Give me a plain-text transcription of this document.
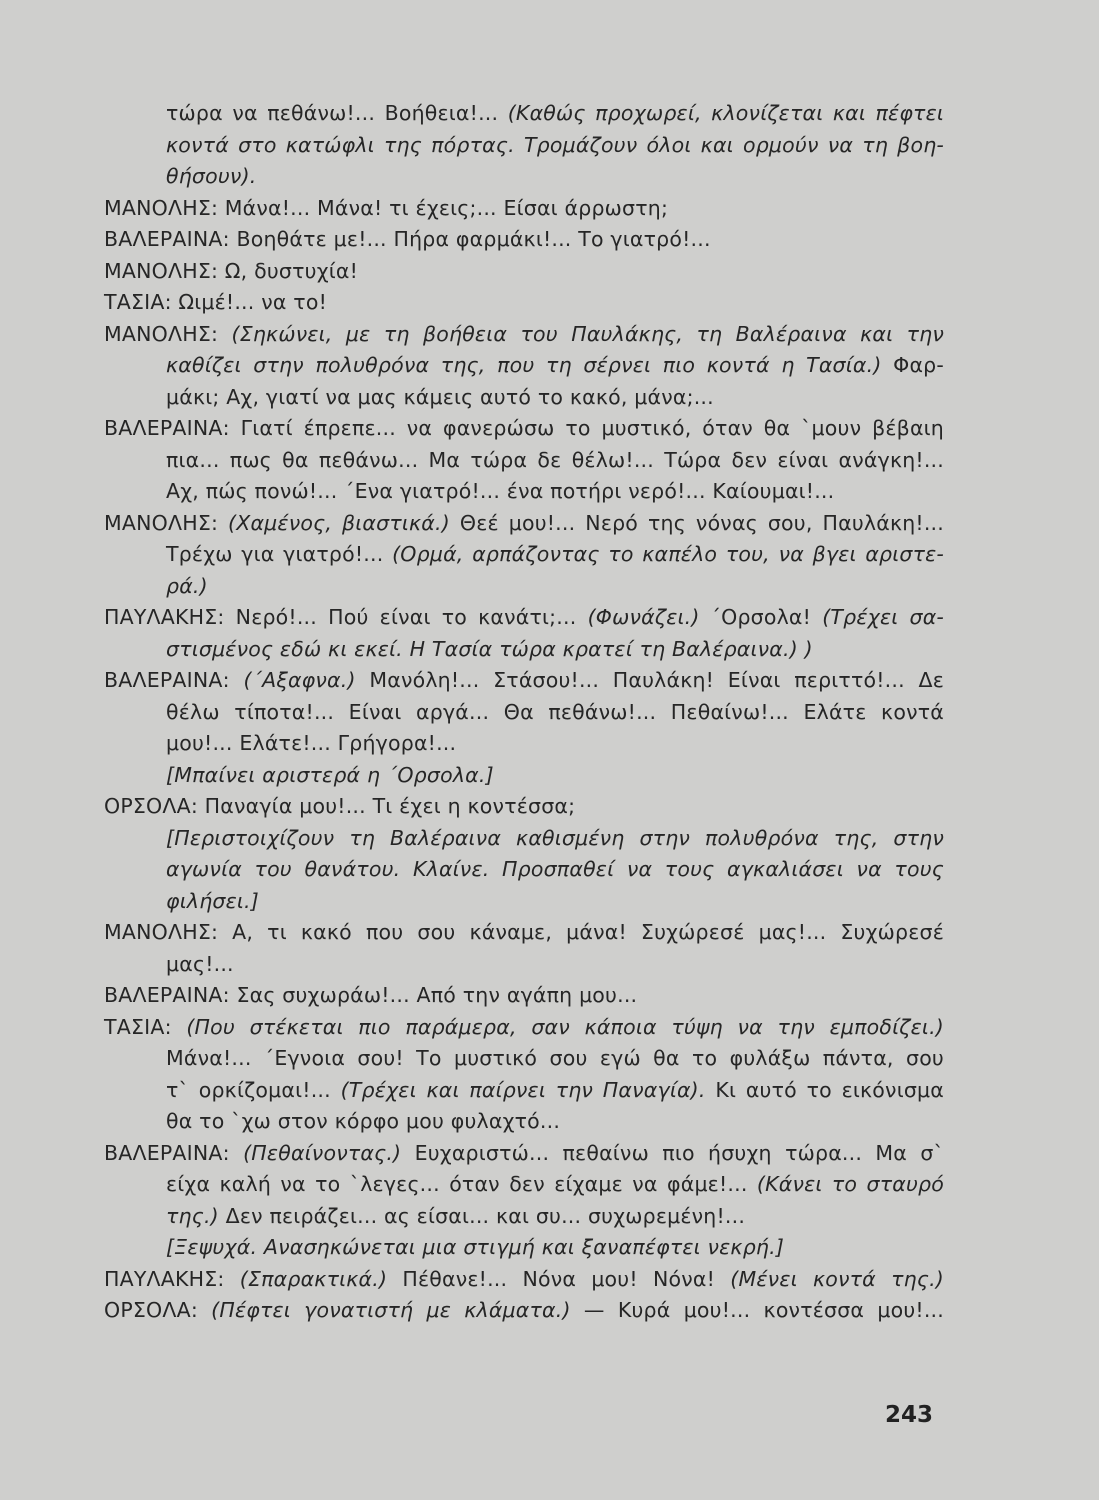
τώρα να πεθάνω!... Βοήθεια!... (Καθώς προχωρεί, κλονίζεται και πέφτει
κοντά στο κατώφλι της πόρτας. Τρομάζουν όλοι και ορμούν να τη βοη-
θήσουν).
ΜΑΝΟΛΗΣ: Μάνα!... Μάνα! τι έχεις;... Είσαι άρρωστη;
ΒΑΛΕΡΑΙΝΑ: Βοηθάτε με!... Πήρα φαρμάκι!... Το γιατρό!...
ΜΑΝΟΛΗΣ: Ω, δυστυχία!
ΤΑΣΙΑ: Ωιμέ!... να το!
ΜΑΝΟΛΗΣ: (Σηκώνει, με τη βοήθεια του Παυλάκης, τη Βαλέραινα και την
καθίζει στην πολυθρόνα της, που τη σέρνει πιο κοντά η Τασία.) Φαρ-
μάκι; Αχ, γιατί να μας κάμεις αυτό το κακό, μάνα;...
ΒΑΛΕΡΑΙΝΑ: Γιατί έπρεπε... να φανερώσω το μυστικό, όταν θα `μουν βέβαιη
πια... πως θα πεθάνω... Μα τώρα δε θέλω!... Τώρα δεν είναι ανάγκη!...
Αχ, πώς πονώ!... ΄Ενα γιατρό!... ένα ποτήρι νερό!... Καίουμαι!...
ΜΑΝΟΛΗΣ: (Χαμένος, βιαστικά.) Θεέ μου!... Νερό της νόνας σου, Παυλάκη!...
Τρέχω για γιατρό!... (Ορμά, αρπάζοντας το καπέλο του, να βγει αριστε-
ρά.)
ΠΑΥΛΑΚΗΣ: Νερό!... Πού είναι το κανάτι;... (Φωνάζει.) ΄Ορσολα! (Τρέχει σα-
στισμένος εδώ κι εκεί. Η Τασία τώρα κρατεί τη Βαλέραινα.) )
ΒΑΛΕΡΑΙΝΑ: (΄Αξαφνα.) Μανόλη!... Στάσου!... Παυλάκη! Είναι περιττό!... Δε
θέλω τίποτα!... Είναι αργά... Θα πεθάνω!... Πεθαίνω!... Ελάτε κοντά
μου!... Ελάτε!... Γρήγορα!...
[Μπαίνει αριστερά η ΄Ορσολα.]
ΟΡΣΟΛΑ: Παναγία μου!... Τι έχει η κοντέσσα;
[Περιστοιχίζουν τη Βαλέραινα καθισμένη στην πολυθρόνα της, στην
αγωνία του θανάτου. Κλαίνε. Προσπαθεί να τους αγκαλιάσει να τους
φιλήσει.]
ΜΑΝΟΛΗΣ: Α, τι κακό που σου κάναμε, μάνα! Συχώρεσέ μας!... Συχώρεσέ
μας!...
ΒΑΛΕΡΑΙΝΑ: Σας συχωράω!... Από την αγάπη μου...
ΤΑΣΙΑ: (Που στέκεται πιο παράμερα, σαν κάποια τύψη να την εμποδίζει.)
Μάνα!... ΄Εγνοια σου! Το μυστικό σου εγώ θα το φυλάξω πάντα, σου
τ` ορκίζομαι!... (Τρέχει και παίρνει την Παναγία). Κι αυτό το εικόνισμα
θα το `χω στον κόρφο μου φυλαχτό...
ΒΑΛΕΡΑΙΝΑ: (Πεθαίνοντας.) Ευχαριστώ... πεθαίνω πιο ήσυχη τώρα... Μα σ`
είχα καλή να το `λεγες... όταν δεν είχαμε να φάμε!... (Κάνει το σταυρό
της.) Δεν πειράζει... ας είσαι... και συ... συχωρεμένη!...
[Ξεψυχά. Ανασηκώνεται μια στιγμή και ξαναπέφτει νεκρή.]
ΠΑΥΛΑΚΗΣ: (Σπαρακτικά.) Πέθανε!... Νόνα μου! Νόνα! (Μένει κοντά της.)
ΟΡΣΟΛΑ: (Πέφτει γονατιστή με κλάματα.) — Κυρά μου!... κοντέσσα μου!...
243
